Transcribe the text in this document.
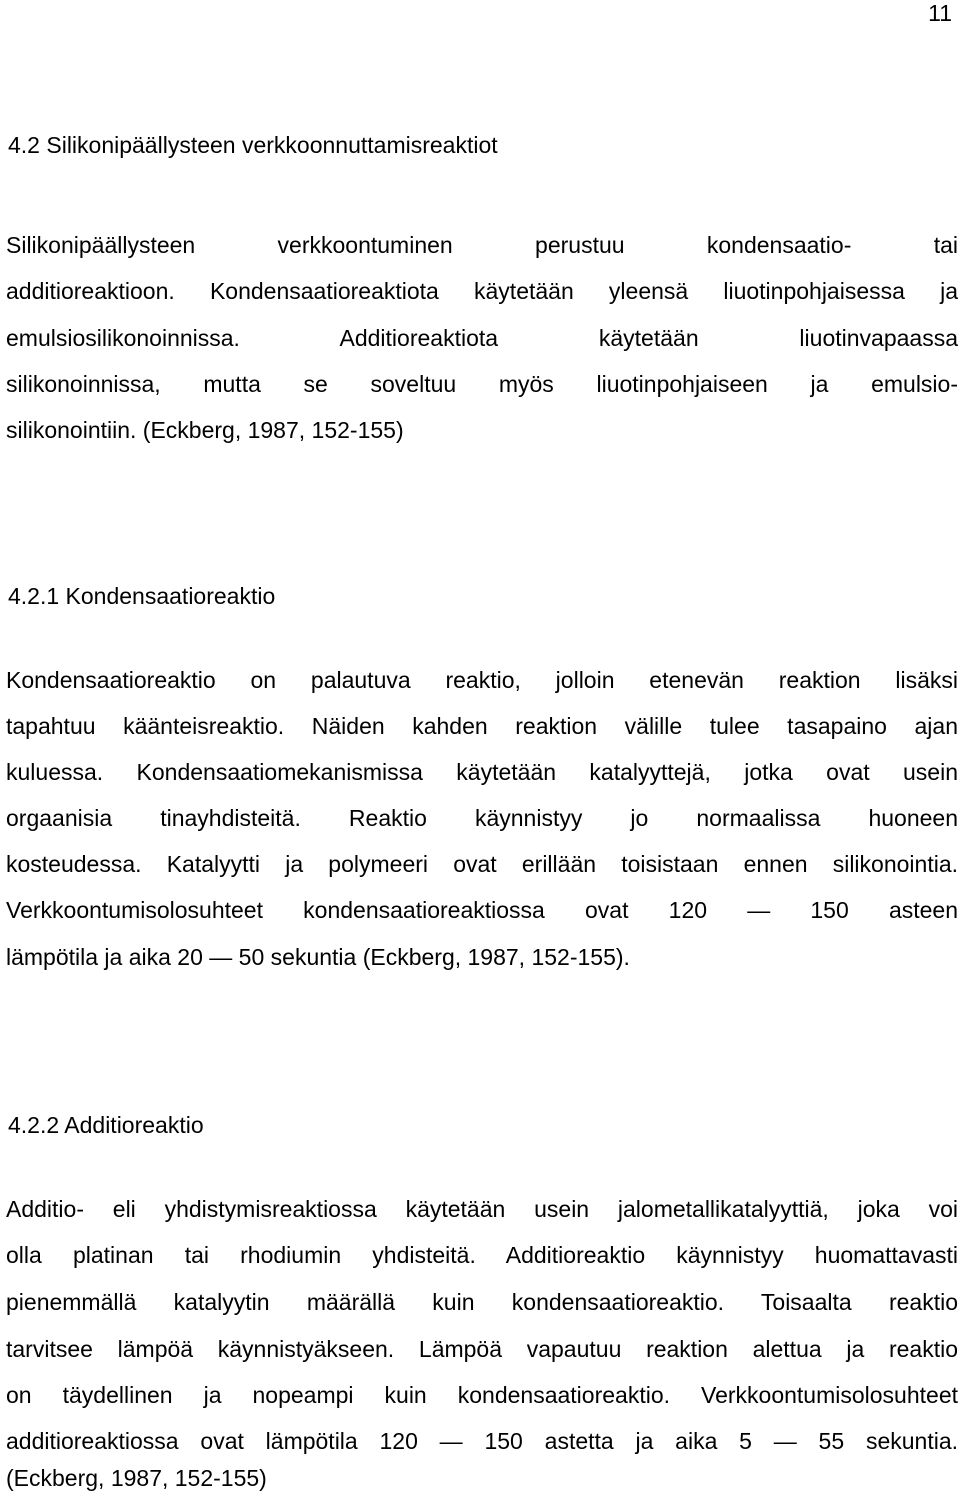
11
4.2 Silikonipäällysteen verkkoonnuttamisreaktiot
Silikonipäällysteen verkkoontuminen perustuu kondensaatio- tai
additioreaktioon. Kondensaatioreaktiota käytetään yleensä liuotinpohjaisessa ja
emulsiosilikonoinnissa. Additioreaktiota käytetään liuotinvapaassa
silikonoinnissa, mutta se soveltuu myös liuotinpohjaiseen ja emulsio-
silikonointiin. (Eckberg, 1987, 152-155)
4.2.1 Kondensaatioreaktio
Kondensaatioreaktio on palautuva reaktio, jolloin etenevän reaktion lisäksi
tapahtuu käänteisreaktio. Näiden kahden reaktion välille tulee tasapaino ajan
kuluessa. Kondensaatiomekanismissa käytetään katalyyttejä, jotka ovat usein
orgaanisia tinayhdisteitä. Reaktio käynnistyy jo normaalissa huoneen
kosteudessa. Katalyytti ja polymeeri ovat erillään toisistaan ennen silikonointia.
Verkkoontumisolosuhteet kondensaatioreaktiossa ovat 120 — 150 asteen
lämpötila ja aika 20 — 50 sekuntia (Eckberg, 1987, 152-155).
4.2.2 Additioreaktio
Additio- eli yhdistymisreaktiossa käytetään usein jalometallikatalyyttiä, joka voi
olla platinan tai rhodiumin yhdisteitä. Additioreaktio käynnistyy huomattavasti
pienemmällä katalyytin määrällä kuin kondensaatioreaktio. Toisaalta reaktio
tarvitsee lämpöä käynnistyäkseen. Lämpöä vapautuu reaktion alettua ja reaktio
on täydellinen ja nopeampi kuin kondensaatioreaktio. Verkkoontumisolosuhteet
additioreaktiossa ovat lämpötila 120 — 150 astetta ja aika 5 — 55 sekuntia.
(Eckberg, 1987, 152-155)
